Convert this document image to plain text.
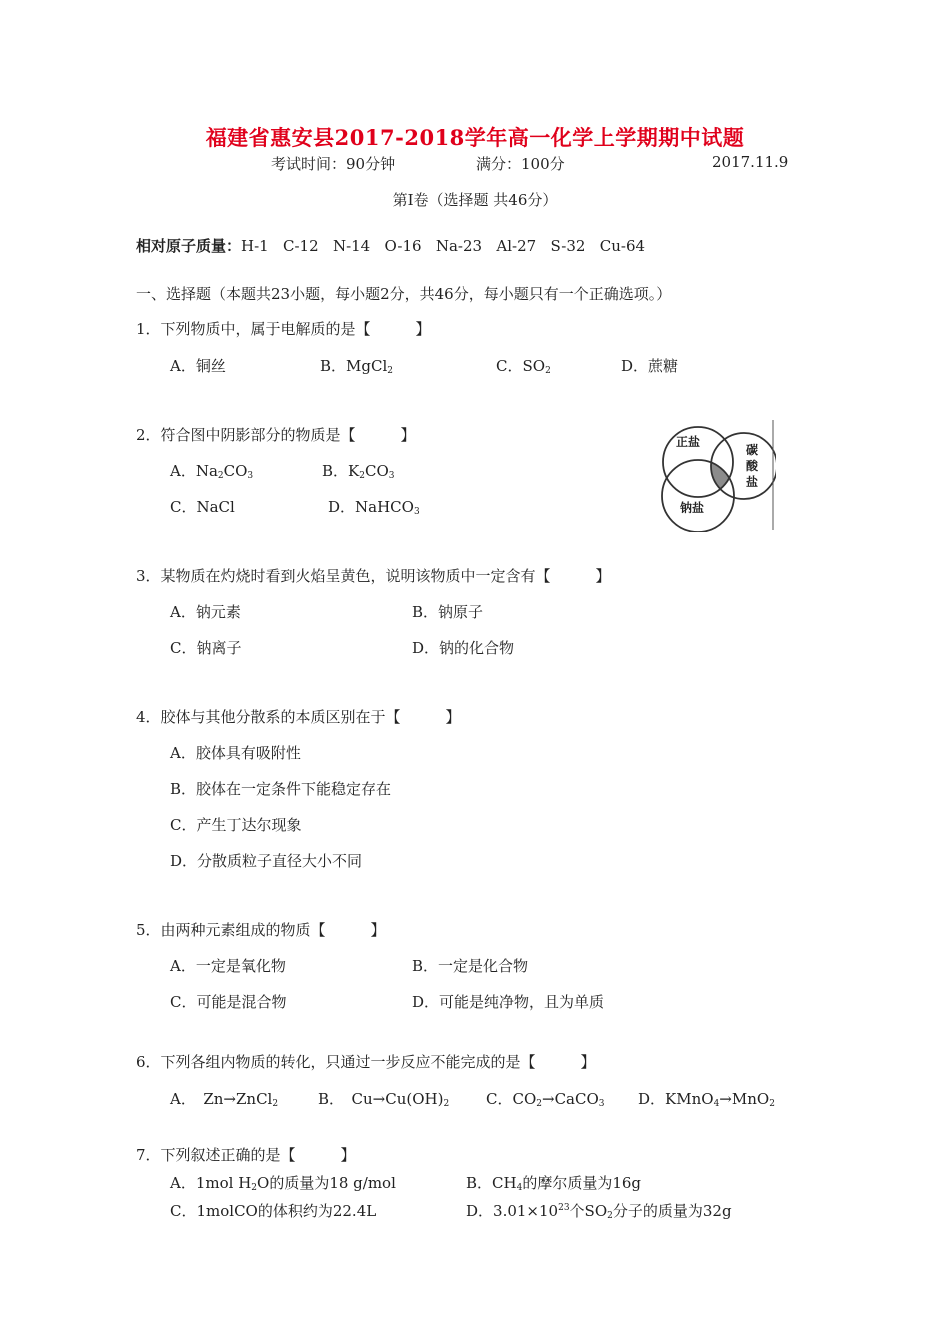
福建省惠安县2017-2018学年高一化学上学期期中试题
考试时间：90分钟	满分：100分	2017.11.9
第Ⅰ卷（选择题 共46分）
相对原子质量：H-1   C-12   N-14   O-16   Na-23   Al-27   S-32   Cu-64
一、选择题（本题共23小题，每小题2分，共46分，每小题只有一个正确选项。）
1．下列物质中，属于电解质的是【　　　】
A．铜丝	B．MgCl$_2$	C．$SO_2$	D．蔗糖
2．符合图中阴影部分的物质是【　　　】
A．$Na_2CO_3$	B．$K_2CO_3$
C．NaCl	D．NaHCO$_3$
正盐
碳
酸
盐
钠盐
3．某物质在灼烧时看到火焰呈黄色，说明该物质中一定含有【　　　】
A．钠元素	B．钠原子
C．钠离子	D．钠的化合物
4．胶体与其他分散系的本质区别在于【　　　】
A．胶体具有吸附性
B．胶体在一定条件下能稳定存在
C．产生丁达尔现象
D．分散质粒子直径大小不同
5．由两种元素组成的物质【　　　】
A．一定是氧化物	B．一定是化合物
C．可能是混合物	D．可能是纯净物，且为单质
6．下列各组内物质的转化，只通过一步反应不能完成的是【　　　】
A．　Zn→ZnCl$_2$	B．　$Cu\to Cu(OH)_2$ C．$CO_2\to CaCO_3$ D．KMnO$_4$→MnO$_2$
7．下列叙述正确的是【　　　】
A．1mol $H_2O$的质量为18 g/mol	B．$CH_4$的摩尔质量为16g
C．1molCO的体积约为22.4L	D．$3.01\times 10^{23}$个$SO_2$分子的质量为32g
